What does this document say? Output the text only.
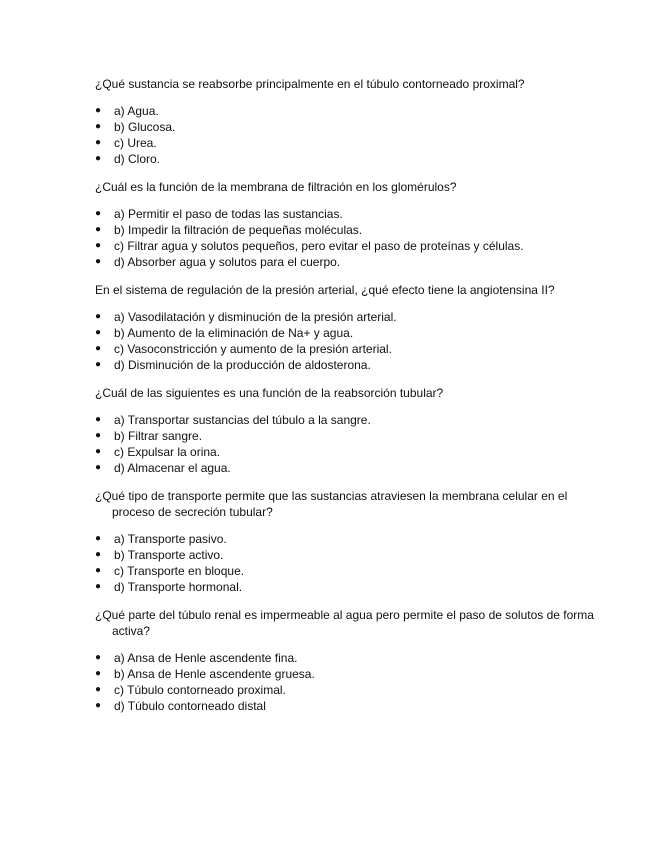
¿Qué sustancia se reabsorbe principalmente en el túbulo contorneado proximal?
● a) Agua.
● b) Glucosa.
● c) Urea.
● d) Cloro.
¿Cuál es la función de la membrana de filtración en los glomérulos?
● a) Permitir el paso de todas las sustancias.
● b) Impedir la filtración de pequeñas moléculas.
● c) Filtrar agua y solutos pequeños, pero evitar el paso de proteínas y células.
● d) Absorber agua y solutos para el cuerpo.
En el sistema de regulación de la presión arterial, ¿qué efecto tiene la angiotensina II?
● a) Vasodilatación y disminución de la presión arterial.
● b) Aumento de la eliminación de Na+ y agua.
● c) Vasoconstricción y aumento de la presión arterial.
● d) Disminución de la producción de aldosterona.
¿Cuál de las siguientes es una función de la reabsorción tubular?
● a) Transportar sustancias del túbulo a la sangre.
● b) Filtrar sangre.
● c) Expulsar la orina.
● d) Almacenar el agua.
¿Qué tipo de transporte permite que las sustancias atraviesen la membrana celular en el proceso de secreción tubular?
● a) Transporte pasivo.
● b) Transporte activo.
● c) Transporte en bloque.
● d) Transporte hormonal.
¿Qué parte del túbulo renal es impermeable al agua pero permite el paso de solutos de forma activa?
● a) Ansa de Henle ascendente fina.
● b) Ansa de Henle ascendente gruesa.
● c) Túbulo contorneado proximal.
● d) Túbulo contorneado distal
